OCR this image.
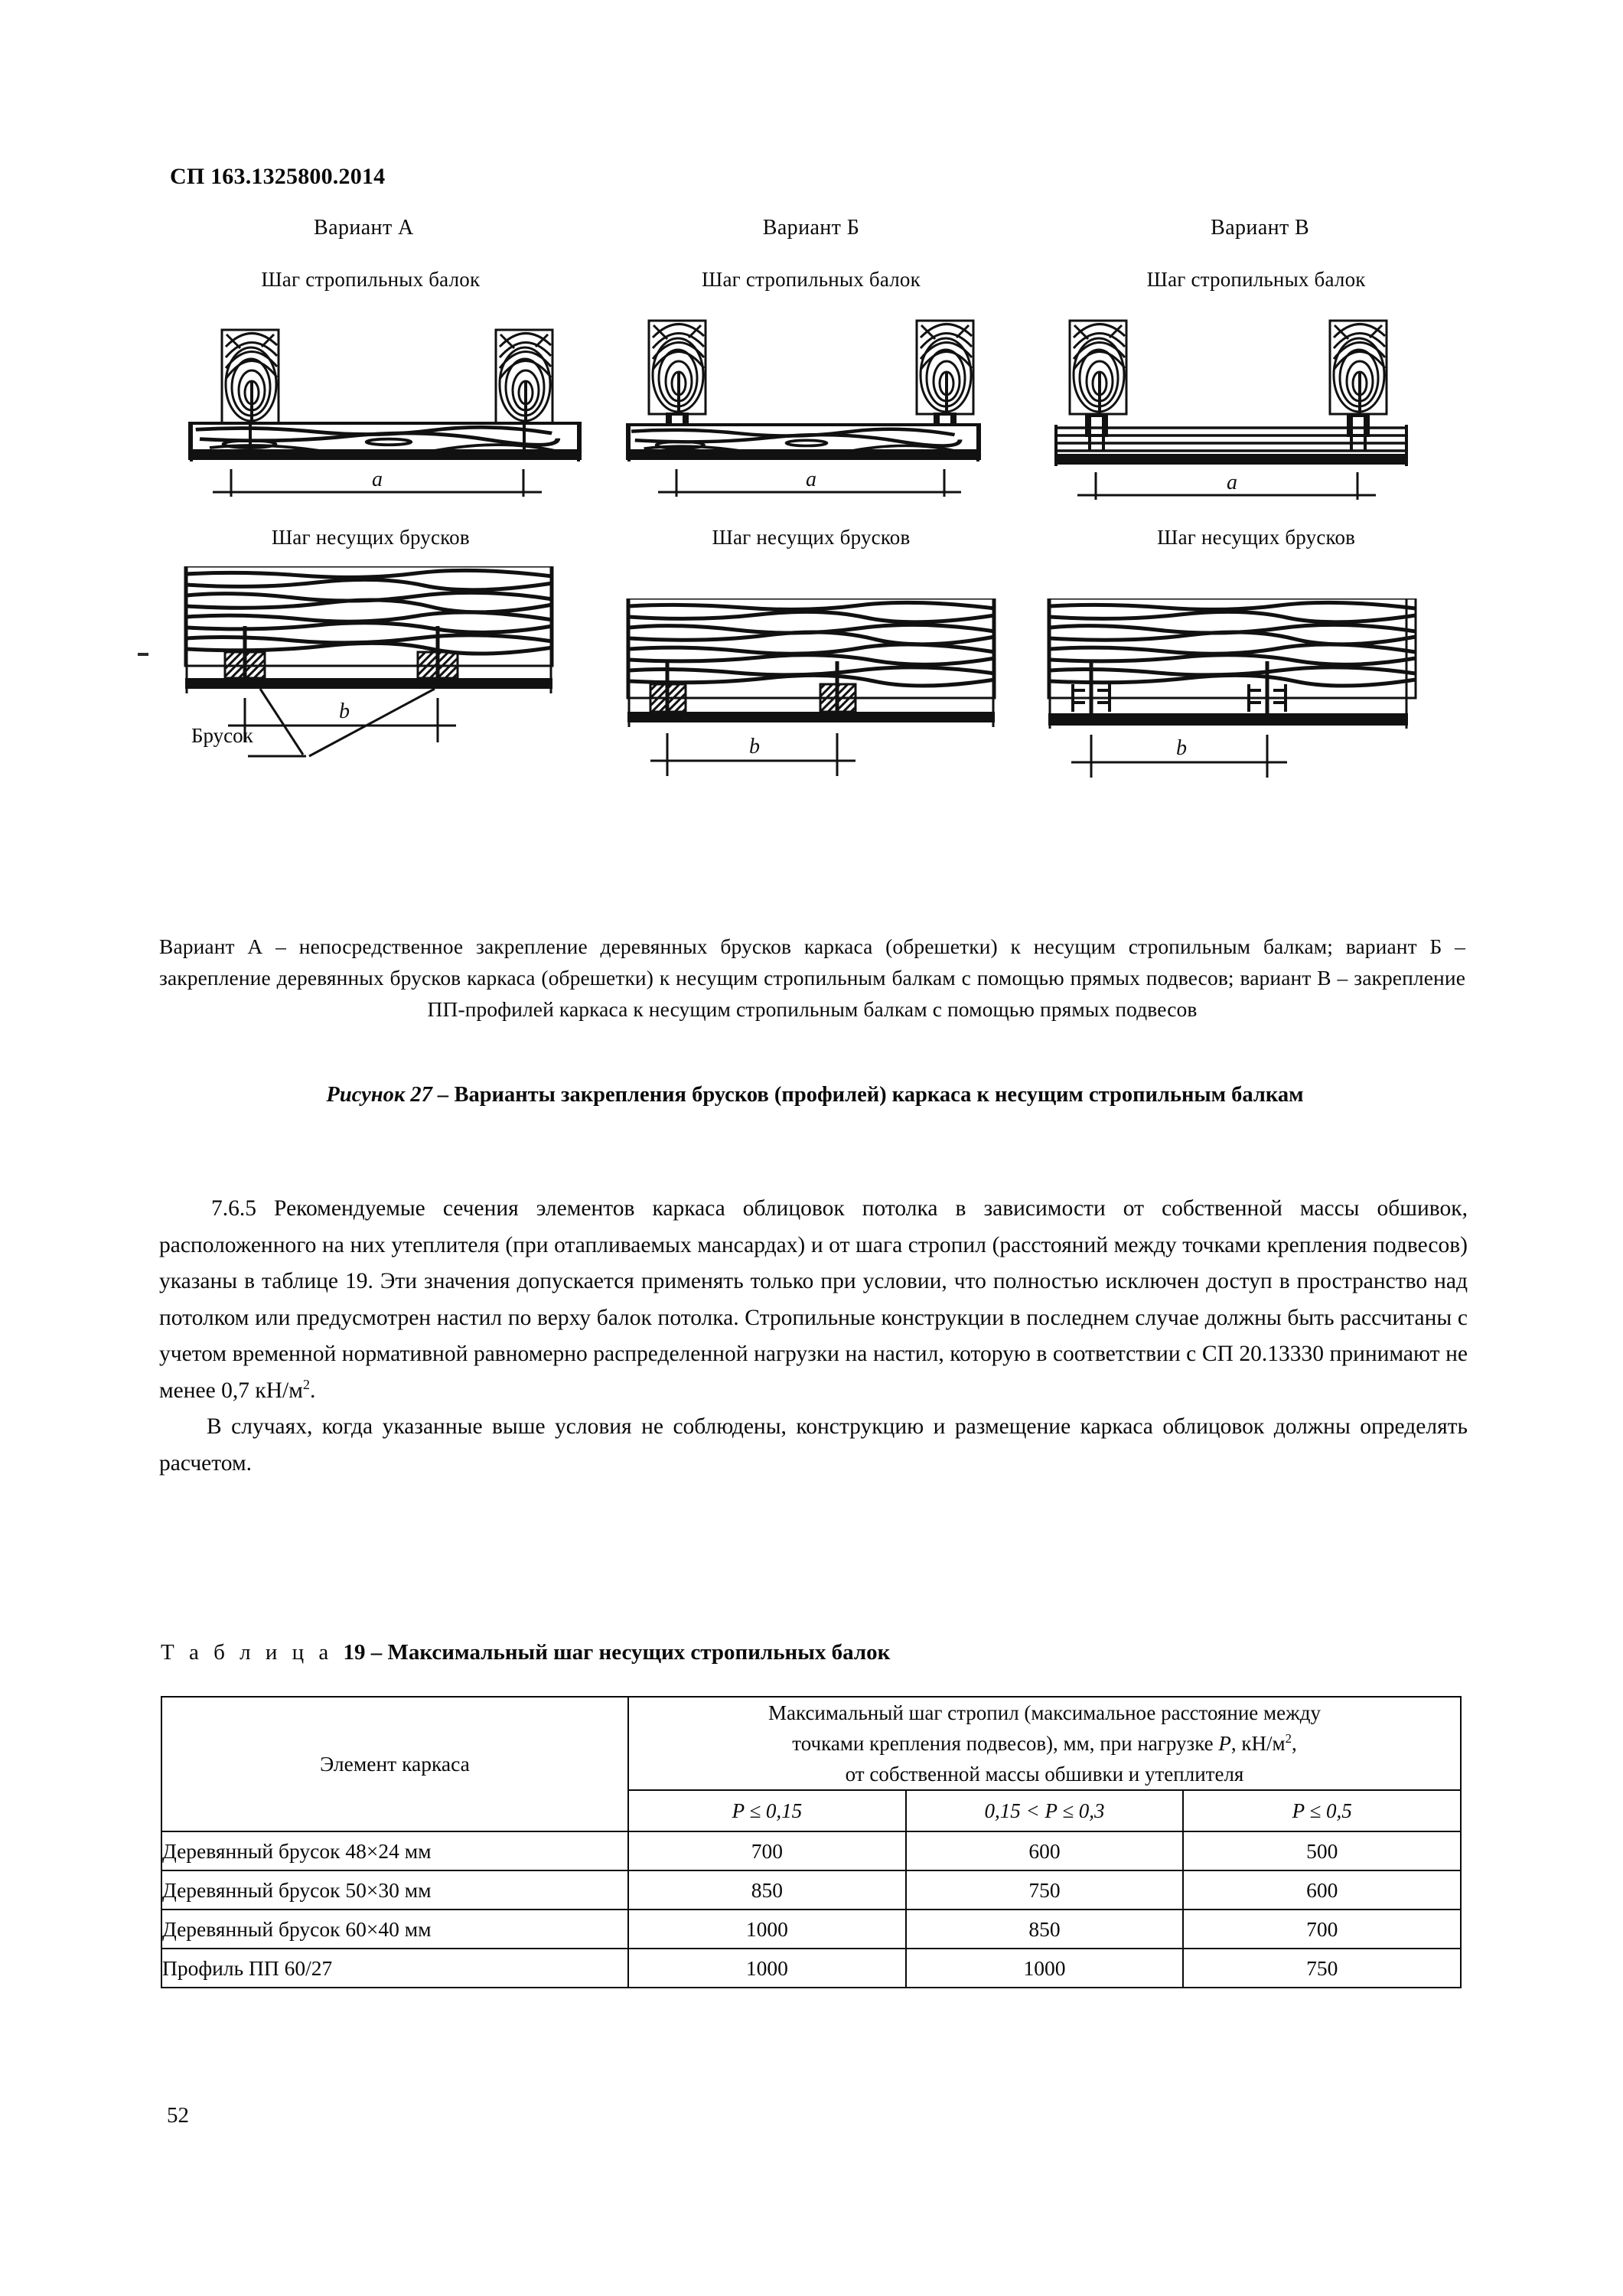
СП 163.1325800.2014
Вариант А	Вариант Б	Вариант В
Шаг стропильных балок	Шаг стропильных балок	Шаг стропильных балок
a	a	a
Шаг несущих брусков	Шаг несущих брусков	Шаг несущих брусков
b
Брусок	b	b
Вариант А – непосредственное закрепление деревянных брусков каркаса (обрешетки) к несущим стропильным балкам; вариант Б – закрепление деревянных брусков каркаса (обрешетки) к несущим стропильным балкам с помощью прямых подвесов; вариант В – закрепление ПП-профилей каркаса к несущим стропильным балкам с помощью прямых подвесов
Рисунок 27 – Варианты закрепления брусков (профилей) каркаса к несущим стропильным балкам

7.6.5 Рекомендуемые сечения элементов каркаса облицовок потолка в зависимости от собственной массы обшивок, расположенного на них утеплителя (при отапливаемых мансардах) и от шага стропил (расстояний между точками крепления подвесов) указаны в таблице 19. Эти значения допускается применять только при условии, что полностью исключен доступ в пространство над потолком или предусмотрен настил по верху балок потолка. Стропильные конструкции в последнем случае должны быть рассчитаны с учетом временной нормативной равномерно распределенной нагрузки на настил, которую в соответствии с СП 20.13330 принимают не менее 0,7 $кН/м^2$.

В случаях, когда указанные выше условия не соблюдены, конструкцию и размещение каркаса облицовок должны определять расчетом.

Т а б л и ц а 19 – Максимальный шаг несущих стропильных балок
Элемент каркаса	Максимальный шаг стропил (максимальное расстояние между
точками крепления подвесов), мм, при нагрузке P, $кН/м^2$,
от собственной массы обшивки и утеплителя		
	P ≤ 0,15	0,15 < P ≤ 0,3	P ≤ 0,5
Деревянный брусок 48×24 мм	700	600	500
Деревянный брусок 50×30 мм	850	750	600
Деревянный брусок 60×40 мм	1000	850	700
Профиль ПП 60/27	1000	1000	750
52
